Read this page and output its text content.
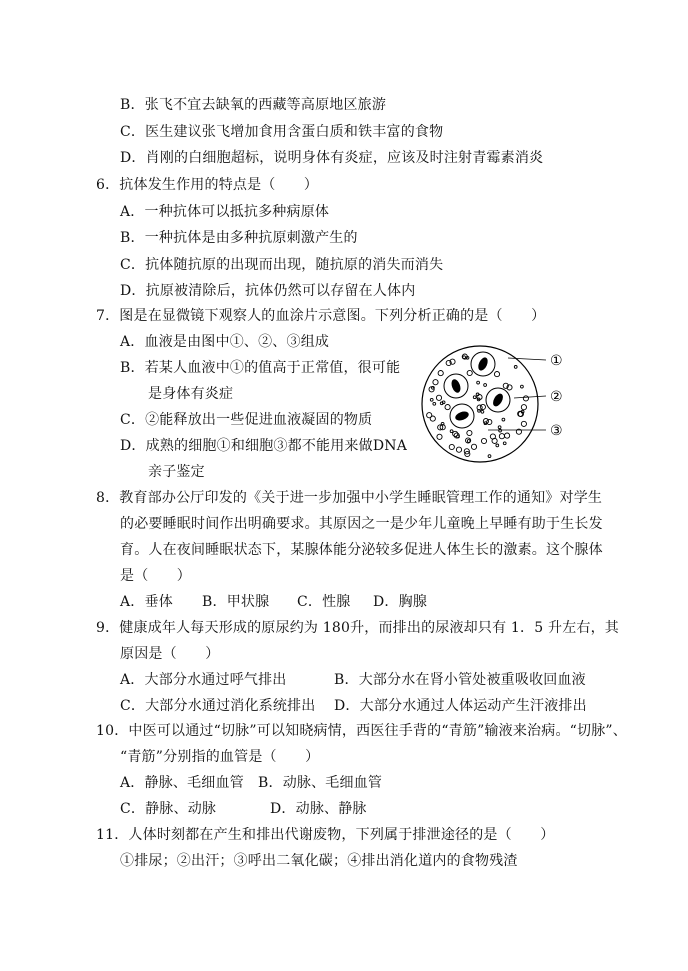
B．张飞不宜去缺氧的西藏等高原地区旅游
C．医生建议张飞增加食用含蛋白质和铁丰富的食物
D．肖刚的白细胞超标，说明身体有炎症，应该及时注射青霉素消炎
6．抗体发生作用的特点是（　　）
A．一种抗体可以抵抗多种病原体
B．一种抗体是由多种抗原刺激产生的
C．抗体随抗原的出现而出现，随抗原的消失而消失
D．抗原被清除后，抗体仍然可以存留在人体内
7．图是在显微镜下观察人的血涂片示意图。下列分析正确的是（　　）
A．血液是由图中①、②、③组成
B．若某人血液中①的值高于正常值，很可能
是身体有炎症
C．②能释放出一些促进血液凝固的物质
D．成熟的细胞①和细胞③都不能用来做DNA
亲子鉴定
①
②
③
8．教育部办公厅印发的《关于进一步加强中小学生睡眠管理工作的通知》对学生
的必要睡眠时间作出明确要求。其原因之一是少年儿童晚上早睡有助于生长发
育。人在夜间睡眠状态下，某腺体能分泌较多促进人体生长的激素。这个腺体
是（　　）
A．垂体 B．甲状腺 C．性腺 D．胸腺
9．健康成年人每天形成的原尿约为 180升，而排出的尿液却只有 1．5 升左右，其
原因是（　　）
A．大部分水通过呼气排出	B．大部分水在肾小管处被重吸收回血液
C．大部分水通过消化系统排出 D．大部分水通过人体运动产生汗液排出
10．中医可以通过“切脉”可以知晓病情，西医往手背的“青筋”输液来治病。“切脉”、
“青筋”分别指的血管是（　　）
A．静脉、毛细血管 B．动脉、毛细血管
C．静脉、动脉	D．动脉、静脉
11．人体时刻都在产生和排出代谢废物，下列属于排泄途径的是（　　）
①排尿；②出汗；③呼出二氧化碳；④排出消化道内的食物残渣
